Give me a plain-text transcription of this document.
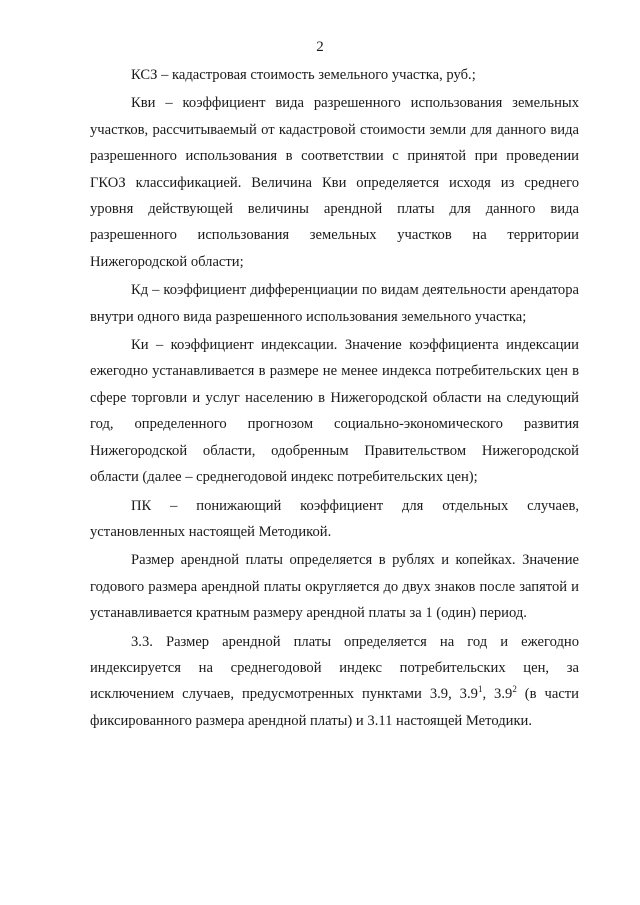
2

КСЗ – кадастровая стоимость земельного участка, руб.;

Кви – коэффициент вида разрешенного использования земельных участков, рассчитываемый от кадастровой стоимости земли для данного вида разрешенного использования в соответствии с принятой при проведении ГКОЗ классификацией. Величина Кви определяется исходя из среднего уровня действующей величины арендной платы для данного вида разрешенного использования земельных участков на территории Нижегородской области;

Кд – коэффициент дифференциации по видам деятельности арендатора внутри одного вида разрешенного использования земельного участка;

Ки – коэффициент индексации. Значение коэффициента индексации ежегодно устанавливается в размере не менее индекса потребительских цен в сфере торговли и услуг населению в Нижегородской области на следующий год, определенного прогнозом социально-экономического развития Нижегородской области, одобренным Правительством Нижегородской области (далее – среднегодовой индекс потребительских цен);

ПК – понижающий коэффициент для отдельных случаев, установленных настоящей Методикой.

Размер арендной платы определяется в рублях и копейках. Значение годового размера арендной платы округляется до двух знаков после запятой и устанавливается кратным размеру арендной платы за 1 (один) период.

3.3. Размер арендной платы определяется на год и ежегодно индексируется на среднегодовой индекс потребительских цен, за исключением случаев, предусмотренных пунктами 3.9, $3.9^1$, $3.9^2$ (в части фиксированного размера арендной платы) и 3.11 настоящей Методики.
